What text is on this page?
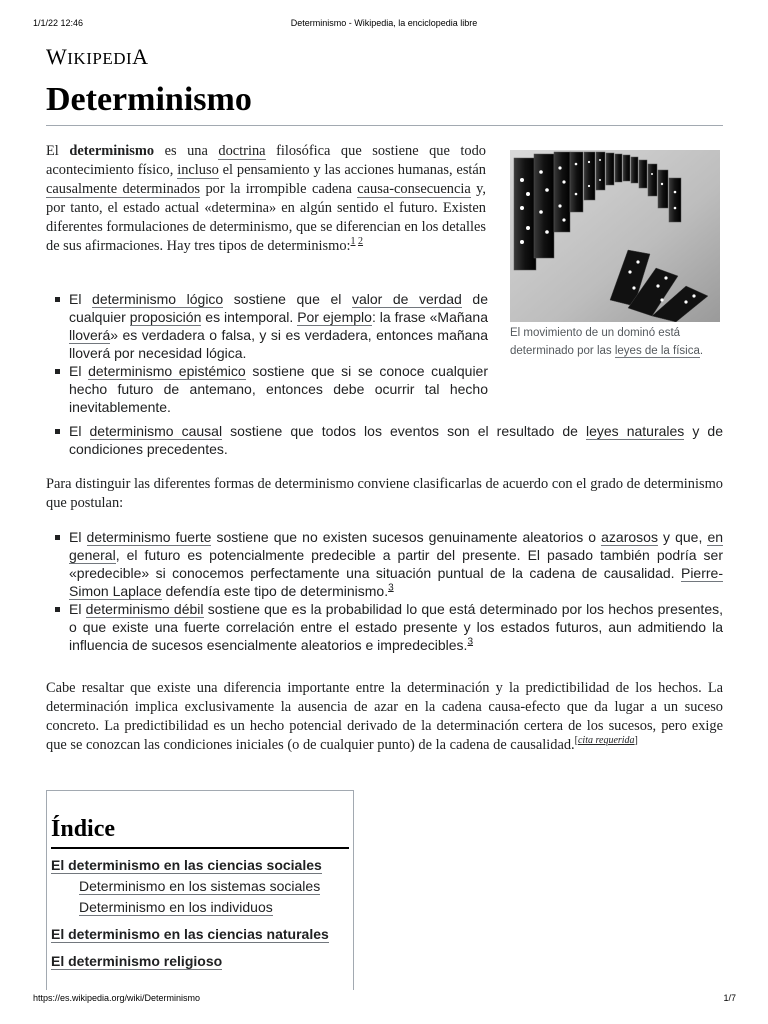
1/1/22 12:46	Determinismo - Wikipedia, la enciclopedia libre
WIKIPEDIA
Determinismo

El determinismo es una doctrina filosófica que sostiene que todo acontecimiento físico, incluso el pensamiento y las acciones humanas, están causalmente determinados por la irrompible cadena causa-consecuencia y, por tanto, el estado actual «determina» en algún sentido el futuro. Existen diferentes formulaciones de determinismo, que se diferencian en los detalles de sus afirmaciones. Hay tres tipos de determinismo:$^{1 2}$

El movimiento de un dominó está determinado por las leyes de la física.
El determinismo lógico sostiene que el valor de verdad de cualquier proposición es intemporal. Por ejemplo: la frase «Mañana lloverá» es verdadera o falsa, y si es verdadera, entonces mañana lloverá por necesidad lógica.
El determinismo epistémico sostiene que si se conoce cualquier hecho futuro de antemano, entonces debe ocurrir tal hecho inevitablemente.
El determinismo causal sostiene que todos los eventos son el resultado de leyes naturales y de condiciones precedentes.

Para distinguir las diferentes formas de determinismo conviene clasificarlas de acuerdo con el grado de determinismo que postulan:

El determinismo fuerte sostiene que no existen sucesos genuinamente aleatorios o azarosos y que, en general, el futuro es potencialmente predecible a partir del presente. El pasado también podría ser «predecible» si conocemos perfectamente una situación puntual de la cadena de causalidad. Pierre-Simon Laplace defendía este tipo de determinismo.$^3$
El determinismo débil sostiene que es la probabilidad lo que está determinado por los hechos presentes, o que existe una fuerte correlación entre el estado presente y los estados futuros, aun admitiendo la influencia de sucesos esencialmente aleatorios e impredecibles.$^3$

Cabe resaltar que existe una diferencia importante entre la determinación y la predictibilidad de los hechos. La determinación implica exclusivamente la ausencia de azar en la cadena causa-efecto que da lugar a un suceso concreto. La predictibilidad es un hecho potencial derivado de la determinación certera de los sucesos, pero exige que se conozcan las condiciones iniciales (o de cualquier punto) de la cadena de causalidad.[cita requerida]

Índice
El determinismo en las ciencias sociales
Determinismo en los sistemas sociales
Determinismo en los individuos
El determinismo en las ciencias naturales
El determinismo religioso
https://es.wikipedia.org/wiki/Determinismo	1/7
